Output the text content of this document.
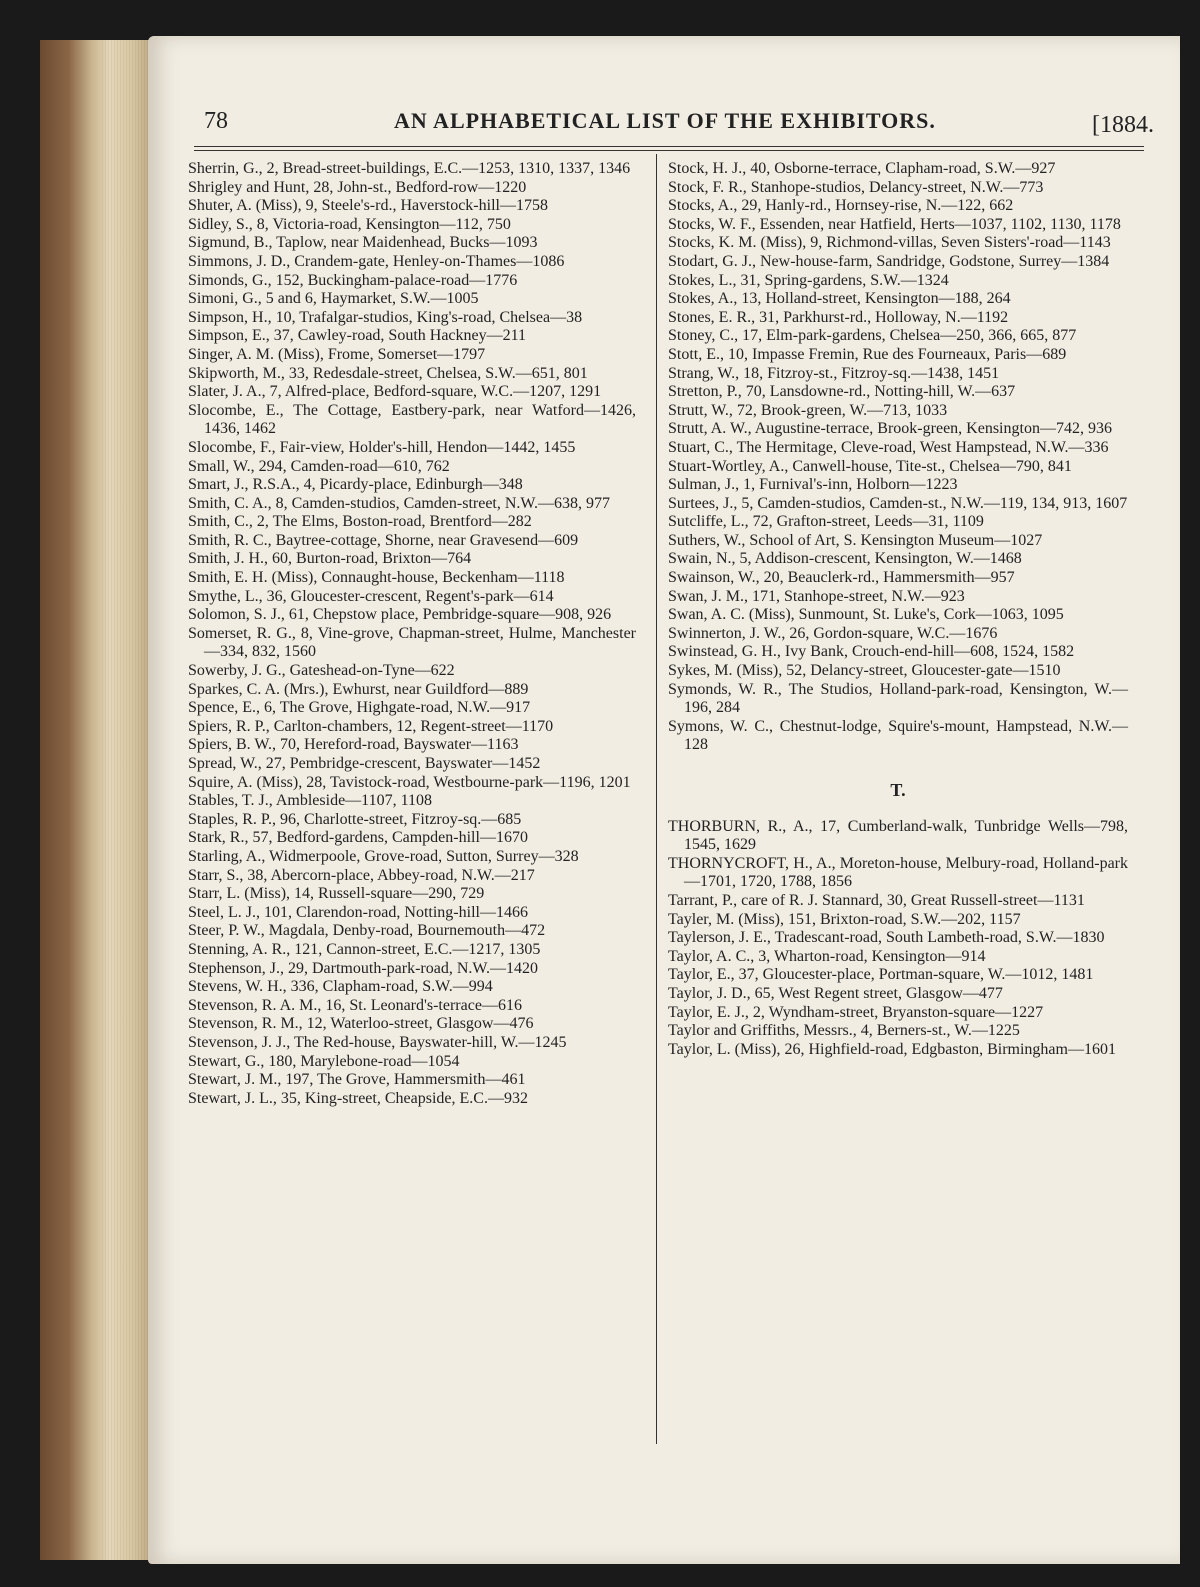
78	AN ALPHABETICAL LIST OF THE EXHIBITORS.	[1884.

Sherrin, G., 2, Bread-street-buildings, E.C.—1253, 1310, 1337, 1346

Shrigley and Hunt, 28, John-st., Bedford-row—1220

Shuter, A. (Miss), 9, Steele's-rd., Haverstock-hill—1758

Sidley, S., 8, Victoria-road, Kensington—112, 750

Sigmund, B., Taplow, near Maidenhead, Bucks—1093

Simmons, J. D., Crandem-gate, Henley-on-Thames—1086

Simonds, G., 152, Buckingham-palace-road—1776

Simoni, G., 5 and 6, Haymarket, S.W.—1005

Simpson, H., 10, Trafalgar-studios, King's-road, Chelsea—38

Simpson, E., 37, Cawley-road, South Hackney—211

Singer, A. M. (Miss), Frome, Somerset—1797

Skipworth, M., 33, Redesdale-street, Chelsea, S.W.—651, 801

Slater, J. A., 7, Alfred-place, Bedford-square, W.C.—1207, 1291

Slocombe, E., The Cottage, Eastbery-park, near Watford—1426, 1436, 1462

Slocombe, F., Fair-view, Holder's-hill, Hendon—1442, 1455

Small, W., 294, Camden-road—610, 762

Smart, J., R.S.A., 4, Picardy-place, Edinburgh—348

Smith, C. A., 8, Camden-studios, Camden-street, N.W.—638, 977

Smith, C., 2, The Elms, Boston-road, Brentford—282

Smith, R. C., Baytree-cottage, Shorne, near Gravesend—609

Smith, J. H., 60, Burton-road, Brixton—764

Smith, E. H. (Miss), Connaught-house, Beckenham—1118

Smythe, L., 36, Gloucester-crescent, Regent's-park—614

Solomon, S. J., 61, Chepstow place, Pembridge-square—908, 926

Somerset, R. G., 8, Vine-grove, Chapman-street, Hulme, Manchester—334, 832, 1560

Sowerby, J. G., Gateshead-on-Tyne—622

Sparkes, C. A. (Mrs.), Ewhurst, near Guildford—889

Spence, E., 6, The Grove, Highgate-road, N.W.—917

Spiers, R. P., Carlton-chambers, 12, Regent-street—1170

Spiers, B. W., 70, Hereford-road, Bayswater—1163

Spread, W., 27, Pembridge-crescent, Bayswater—1452

Squire, A. (Miss), 28, Tavistock-road, Westbourne-park—1196, 1201

Stables, T. J., Ambleside—1107, 1108

Staples, R. P., 96, Charlotte-street, Fitzroy-sq.—685

Stark, R., 57, Bedford-gardens, Campden-hill—1670

Starling, A., Widmerpoole, Grove-road, Sutton, Surrey—328

Starr, S., 38, Abercorn-place, Abbey-road, N.W.—217

Starr, L. (Miss), 14, Russell-square—290, 729

Steel, L. J., 101, Clarendon-road, Notting-hill—1466

Steer, P. W., Magdala, Denby-road, Bournemouth—472

Stenning, A. R., 121, Cannon-street, E.C.—1217, 1305

Stephenson, J., 29, Dartmouth-park-road, N.W.—1420

Stevens, W. H., 336, Clapham-road, S.W.—994

Stevenson, R. A. M., 16, St. Leonard's-terrace—616

Stevenson, R. M., 12, Waterloo-street, Glasgow—476

Stevenson, J. J., The Red-house, Bayswater-hill, W.—1245

Stewart, G., 180, Marylebone-road—1054

Stewart, J. M., 197, The Grove, Hammersmith—461

Stewart, J. L., 35, King-street, Cheapside, E.C.—932

Stock, H. J., 40, Osborne-terrace, Clapham-road, S.W.—927

Stock, F. R., Stanhope-studios, Delancy-street, N.W.—773

Stocks, A., 29, Hanly-rd., Hornsey-rise, N.—122, 662

Stocks, W. F., Essenden, near Hatfield, Herts—1037, 1102, 1130, 1178

Stocks, K. M. (Miss), 9, Richmond-villas, Seven Sisters'-road—1143

Stodart, G. J., New-house-farm, Sandridge, Godstone, Surrey—1384

Stokes, L., 31, Spring-gardens, S.W.—1324

Stokes, A., 13, Holland-street, Kensington—188, 264

Stones, E. R., 31, Parkhurst-rd., Holloway, N.—1192

Stoney, C., 17, Elm-park-gardens, Chelsea—250, 366, 665, 877

Stott, E., 10, Impasse Fremin, Rue des Fourneaux, Paris—689

Strang, W., 18, Fitzroy-st., Fitzroy-sq.—1438, 1451

Stretton, P., 70, Lansdowne-rd., Notting-hill, W.—637

Strutt, W., 72, Brook-green, W.—713, 1033

Strutt, A. W., Augustine-terrace, Brook-green, Kensington—742, 936

Stuart, C., The Hermitage, Cleve-road, West Hampstead, N.W.—336

Stuart-Wortley, A., Canwell-house, Tite-st., Chelsea—790, 841

Sulman, J., 1, Furnival's-inn, Holborn—1223

Surtees, J., 5, Camden-studios, Camden-st., N.W.—119, 134, 913, 1607

Sutcliffe, L., 72, Grafton-street, Leeds—31, 1109

Suthers, W., School of Art, S. Kensington Museum—1027

Swain, N., 5, Addison-crescent, Kensington, W.—1468

Swainson, W., 20, Beauclerk-rd., Hammersmith—957

Swan, J. M., 171, Stanhope-street, N.W.—923

Swan, A. C. (Miss), Sunmount, St. Luke's, Cork—1063, 1095

Swinnerton, J. W., 26, Gordon-square, W.C.—1676

Swinstead, G. H., Ivy Bank, Crouch-end-hill—608, 1524, 1582

Sykes, M. (Miss), 52, Delancy-street, Gloucester-gate—1510

Symonds, W. R., The Studios, Holland-park-road, Kensington, W.—196, 284

Symons, W. C., Chestnut-lodge, Squire's-mount, Hampstead, N.W.—128

T.

THORBURN, R., A., 17, Cumberland-walk, Tunbridge Wells—798, 1545, 1629

THORNYCROFT, H., A., Moreton-house, Melbury-road, Holland-park—1701, 1720, 1788, 1856

Tarrant, P., care of R. J. Stannard, 30, Great Russell-street—1131

Tayler, M. (Miss), 151, Brixton-road, S.W.—202, 1157

Taylerson, J. E., Tradescant-road, South Lambeth-road, S.W.—1830

Taylor, A. C., 3, Wharton-road, Kensington—914

Taylor, E., 37, Gloucester-place, Portman-square, W.—1012, 1481

Taylor, J. D., 65, West Regent street, Glasgow—477

Taylor, E. J., 2, Wyndham-street, Bryanston-square—1227

Taylor and Griffiths, Messrs., 4, Berners-st., W.—1225

Taylor, L. (Miss), 26, Highfield-road, Edgbaston, Birmingham—1601
